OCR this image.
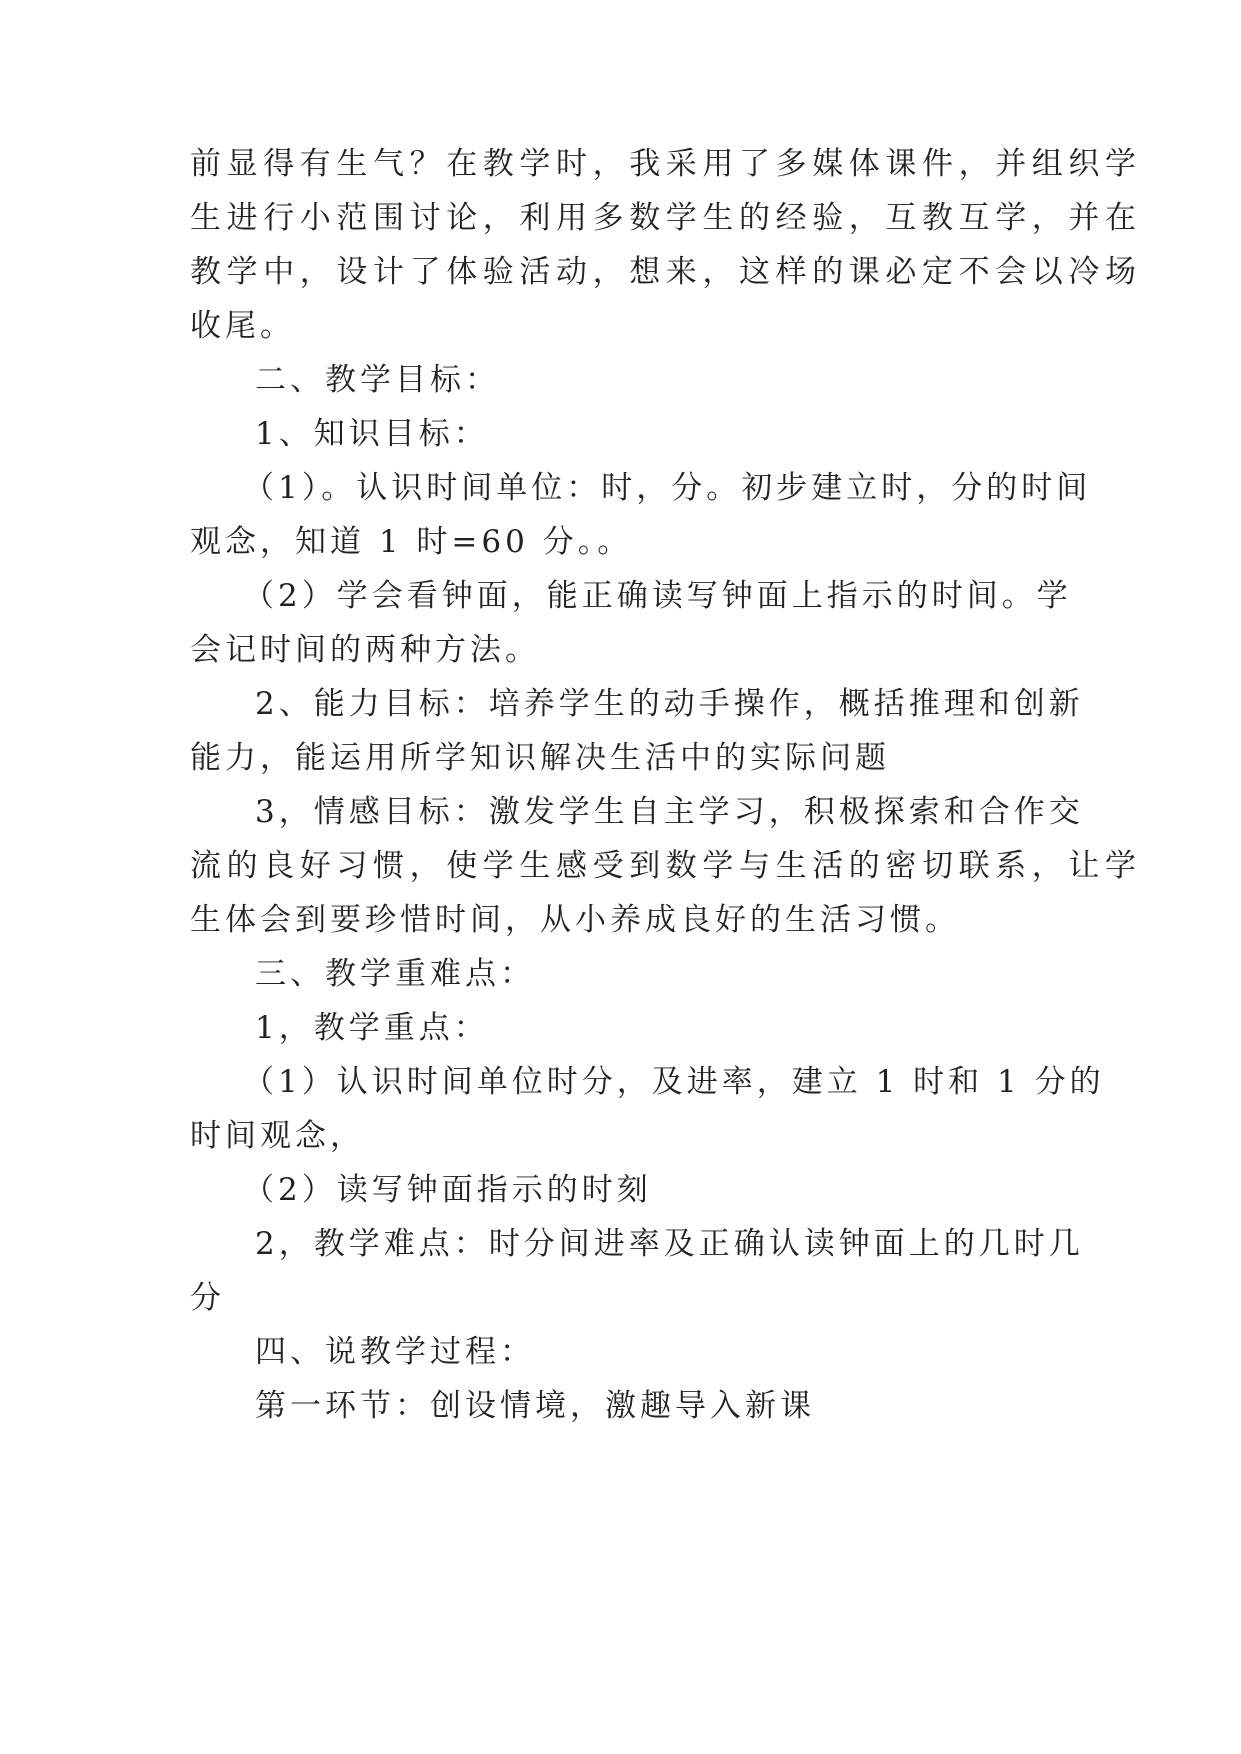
前显得有生气？在教学时，我采用了多媒体课件，并组织学
生进行小范围讨论，利用多数学生的经验，互教互学，并在
教学中，设计了体验活动，想来，这样的课必定不会以冷场
收尾。
二、教学目标：
1、知识目标：
（1）。认识时间单位：时，分。初步建立时，分的时间
观念，知道 1 时=60 分。。
（2）学会看钟面，能正确读写钟面上指示的时间。学
会记时间的两种方法。
2、能力目标：培养学生的动手操作，概括推理和创新
能力，能运用所学知识解决生活中的实际问题
3，情感目标：激发学生自主学习，积极探索和合作交
流的良好习惯，使学生感受到数学与生活的密切联系，让学
生体会到要珍惜时间，从小养成良好的生活习惯。
三、教学重难点：
1，教学重点：
（1）认识时间单位时分，及进率，建立 1 时和 1 分的
时间观念，
（2）读写钟面指示的时刻
2，教学难点：时分间进率及正确认读钟面上的几时几
分
四、说教学过程：
第一环节：创设情境，激趣导入新课
